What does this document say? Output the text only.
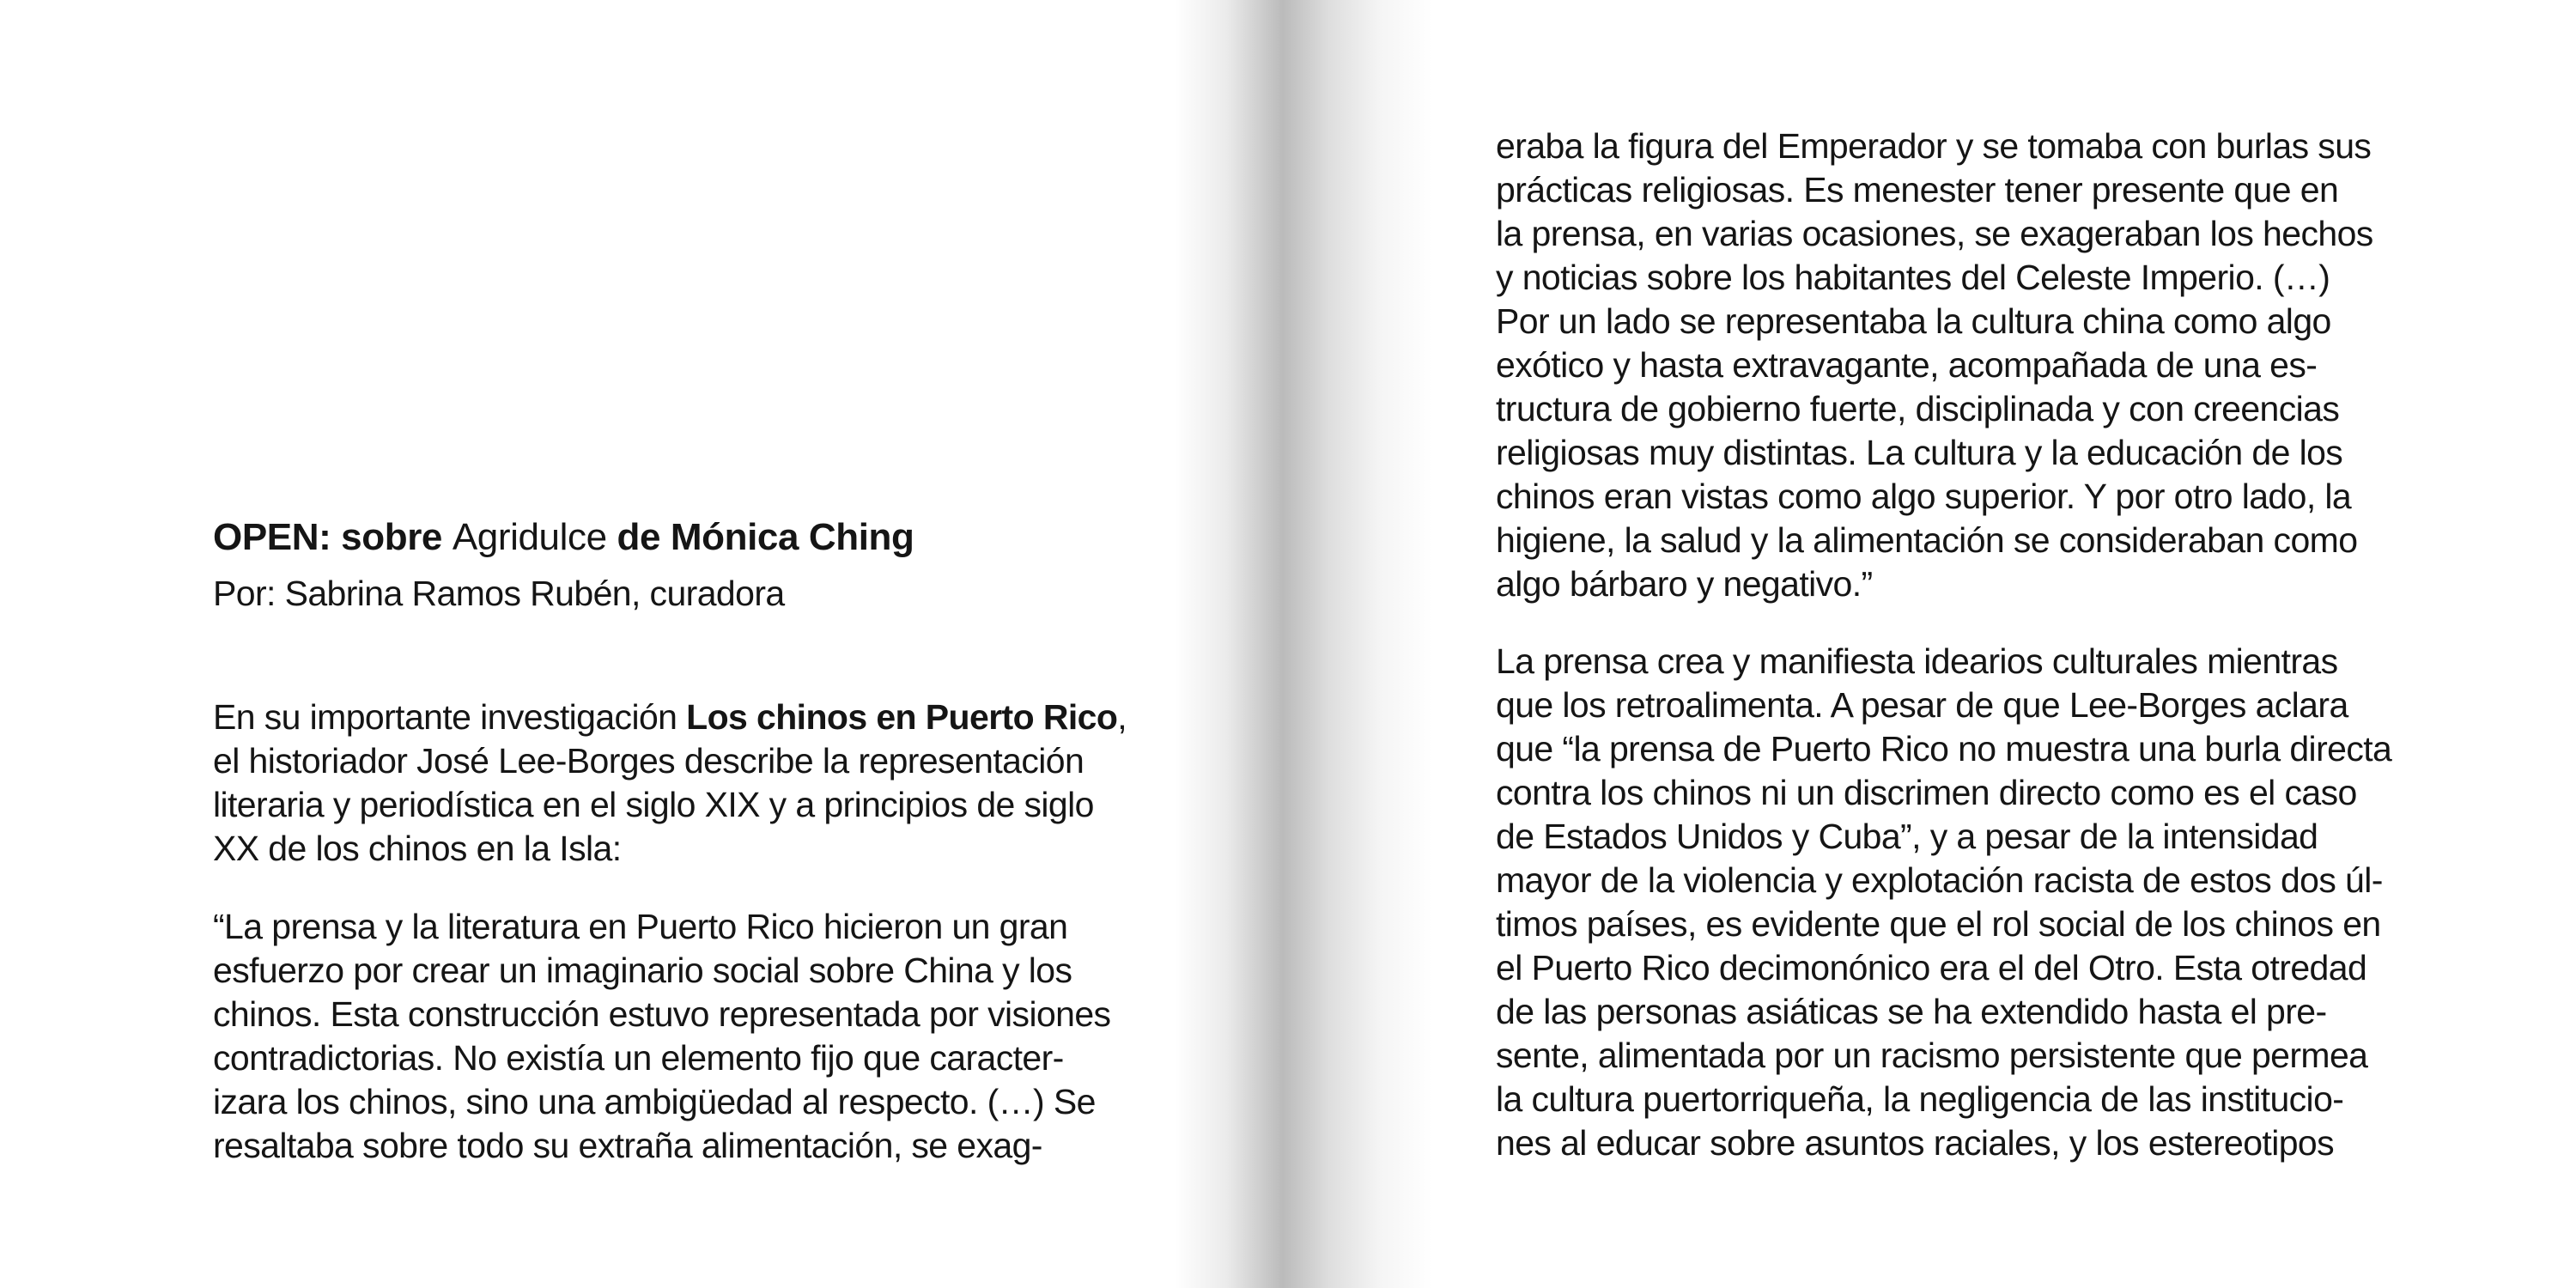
OPEN: sobre Agridulce de Mónica Ching
Por: Sabrina Ramos Rubén, curadora
En su importante investigación Los chinos en Puerto Rico,
el historiador José Lee-Borges describe la representación
literaria y periodística en el siglo XIX y a principios de siglo
XX de los chinos en la Isla:
“La prensa y la literatura en Puerto Rico hicieron un gran
esfuerzo por crear un imaginario social sobre China y los
chinos. Esta construcción estuvo representada por visiones
contradictorias. No existía un elemento fijo que caracter-
izara los chinos, sino una ambigüedad al respecto. (…) Se
resaltaba sobre todo su extraña alimentación, se exag-
eraba la figura del Emperador y se tomaba con burlas sus
prácticas religiosas. Es menester tener presente que en
la prensa, en varias ocasiones, se exageraban los hechos
y noticias sobre los habitantes del Celeste Imperio. (…)
Por un lado se representaba la cultura china como algo
exótico y hasta extravagante, acompañada de una es-
tructura de gobierno fuerte, disciplinada y con creencias
religiosas muy distintas. La cultura y la educación de los
chinos eran vistas como algo superior. Y por otro lado, la
higiene, la salud y la alimentación se consideraban como
algo bárbaro y negativo.”
La prensa crea y manifiesta idearios culturales mientras
que los retroalimenta. A pesar de que Lee-Borges aclara
que “la prensa de Puerto Rico no muestra una burla directa
contra los chinos ni un discrimen directo como es el caso
de Estados Unidos y Cuba”, y a pesar de la intensidad
mayor de la violencia y explotación racista de estos dos úl-
timos países, es evidente que el rol social de los chinos en
el Puerto Rico decimonónico era el del Otro. Esta otredad
de las personas asiáticas se ha extendido hasta el pre-
sente, alimentada por un racismo persistente que permea
la cultura puertorriqueña, la negligencia de las institucio-
nes al educar sobre asuntos raciales, y los estereotipos
